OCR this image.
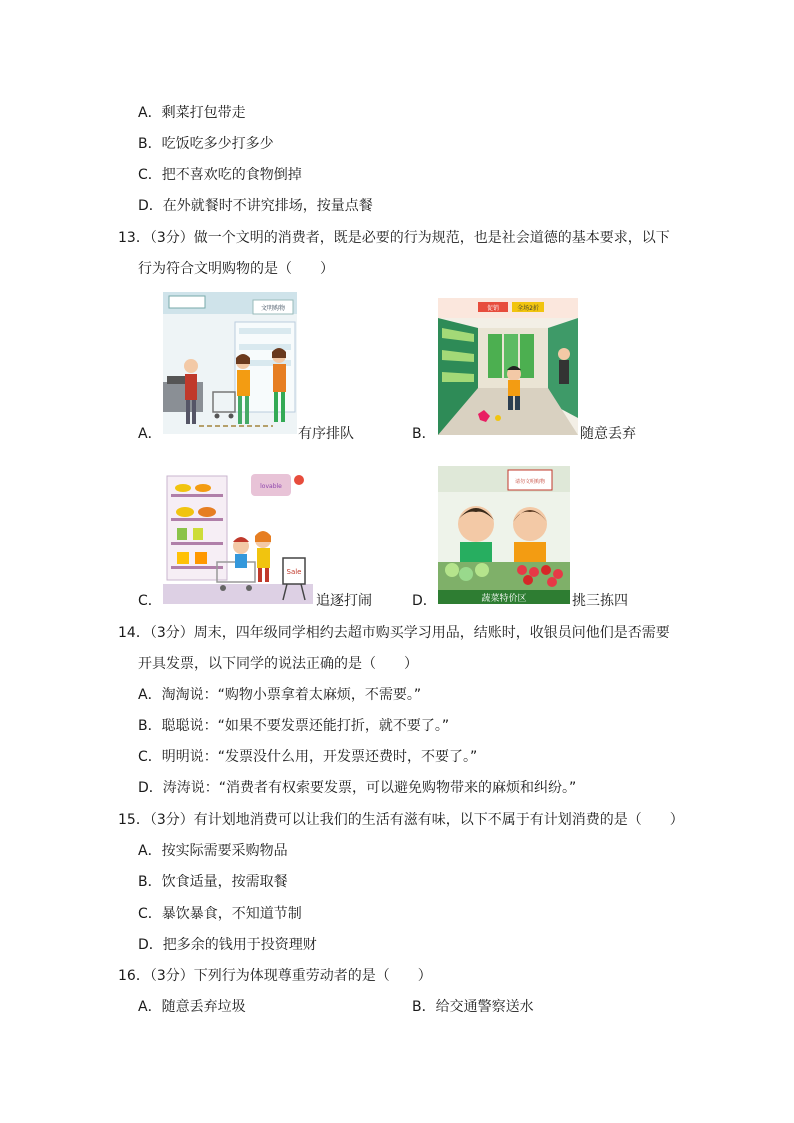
A．剩菜打包带走
B．吃饭吃多少打多少
C．把不喜欢吃的食物倒掉
D．在外就餐时不讲究排场，按量点餐
13．（3分）做一个文明的消费者，既是必要的行为规范，也是社会道德的基本要求，以下
行为符合文明购物的是（　　）
A．
文明购物
有序排队	B．
促销	全场2折
随意丢弃
C．
lovable
Sale
追逐打闹	D．
请勿文明购物
蔬菜特价区	挑三拣四
14．（3分）周末，四年级同学相约去超市购买学习用品，结账时，收银员问他们是否需要
开具发票，以下同学的说法正确的是（　　）
A．淘淘说：“购物小票拿着太麻烦，不需要。”
B．聪聪说：“如果不要发票还能打折，就不要了。”
C．明明说：“发票没什么用，开发票还费时，不要了。”
D．涛涛说：“消费者有权索要发票，可以避免购物带来的麻烦和纠纷。”
15．（3分）有计划地消费可以让我们的生活有滋有味，以下不属于有计划消费的是（　　）
A．按实际需要采购物品
B．饮食适量，按需取餐
C．暴饮暴食，不知道节制
D．把多余的钱用于投资理财
16．（3分）下列行为体现尊重劳动者的是（　　）
A．随意丢弃垃圾	B．给交通警察送水
